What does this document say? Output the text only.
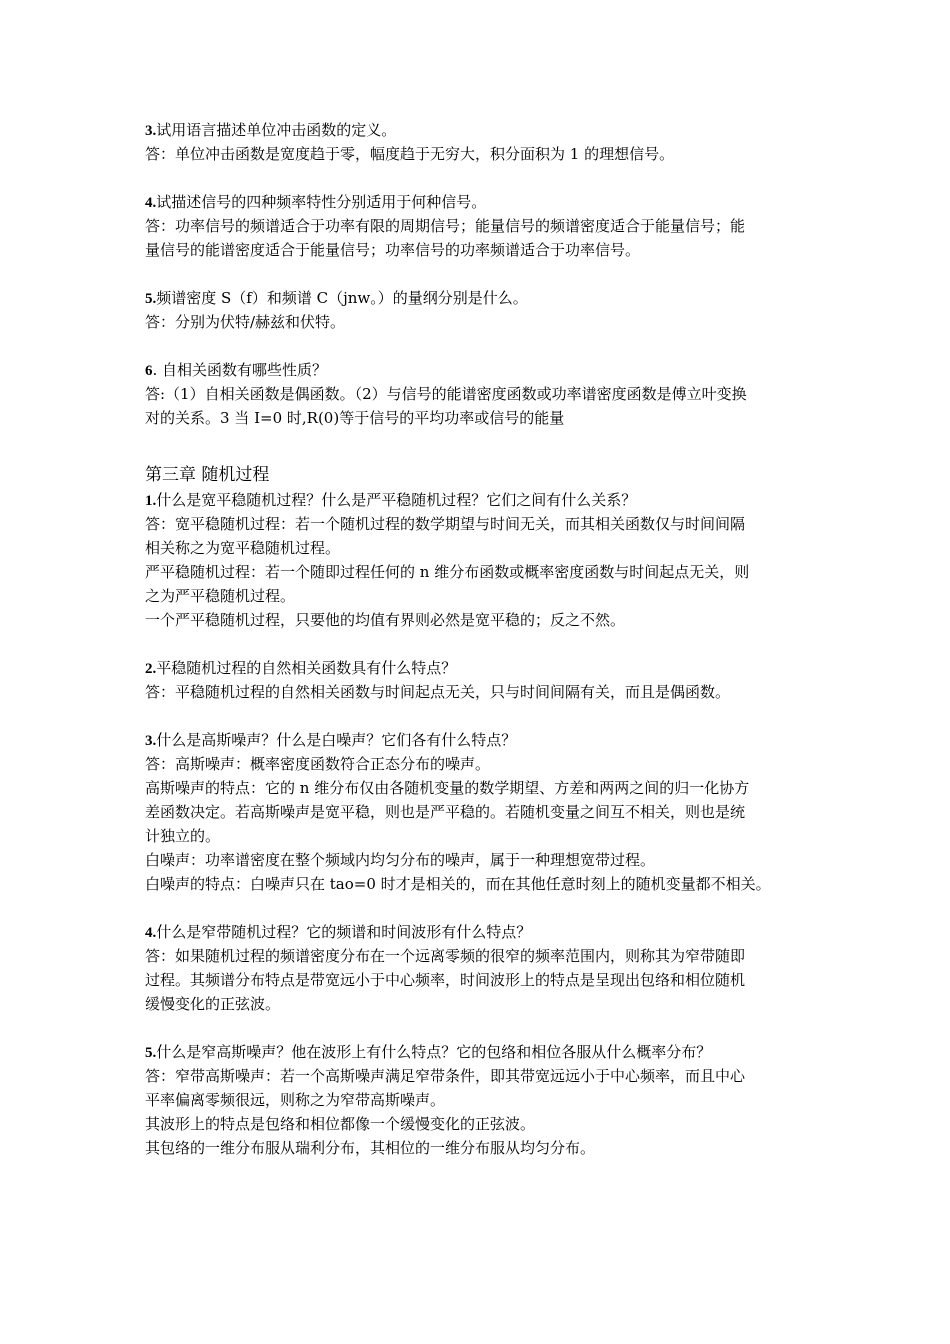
3.试用语言描述单位冲击函数的定义。
答：单位冲击函数是宽度趋于零，幅度趋于无穷大，积分面积为 1 的理想信号。
4.试描述信号的四种频率特性分别适用于何种信号。
答：功率信号的频谱适合于功率有限的周期信号；能量信号的频谱密度适合于能量信号；能
量信号的能谱密度适合于能量信号；功率信号的功率频谱适合于功率信号。
5.频谱密度 S（f）和频谱 C（jnw。）的量纲分别是什么。
答：分别为伏特/赫兹和伏特。
6. 自相关函数有哪些性质？
答:（1）自相关函数是偶函数。（2）与信号的能谱密度函数或功率谱密度函数是傅立叶变换
对的关系。3 当 I=0 时,R(0)等于信号的平均功率或信号的能量
第三章 随机过程
1.什么是宽平稳随机过程？什么是严平稳随机过程？它们之间有什么关系？
答：宽平稳随机过程：若一个随机过程的数学期望与时间无关，而其相关函数仅与时间间隔
相关称之为宽平稳随机过程。
严平稳随机过程：若一个随即过程任何的 n 维分布函数或概率密度函数与时间起点无关，则
之为严平稳随机过程。
一个严平稳随机过程，只要他的均值有界则必然是宽平稳的；反之不然。
2.平稳随机过程的自然相关函数具有什么特点？
答：平稳随机过程的自然相关函数与时间起点无关，只与时间间隔有关，而且是偶函数。
3.什么是高斯噪声？什么是白噪声？它们各有什么特点？
答：高斯噪声：概率密度函数符合正态分布的噪声。
高斯噪声的特点：它的 n 维分布仅由各随机变量的数学期望、方差和两两之间的归一化协方
差函数决定。若高斯噪声是宽平稳，则也是严平稳的。若随机变量之间互不相关，则也是统
计独立的。
白噪声：功率谱密度在整个频域内均匀分布的噪声，属于一种理想宽带过程。
白噪声的特点：白噪声只在 tao=0 时才是相关的，而在其他任意时刻上的随机变量都不相关。
4.什么是窄带随机过程？它的频谱和时间波形有什么特点？
答：如果随机过程的频谱密度分布在一个远离零频的很窄的频率范围内，则称其为窄带随即
过程。其频谱分布特点是带宽远小于中心频率，时间波形上的特点是呈现出包络和相位随机
缓慢变化的正弦波。
5.什么是窄高斯噪声？他在波形上有什么特点？它的包络和相位各服从什么概率分布？
答：窄带高斯噪声：若一个高斯噪声满足窄带条件，即其带宽远远小于中心频率，而且中心
平率偏离零频很远，则称之为窄带高斯噪声。
其波形上的特点是包络和相位都像一个缓慢变化的正弦波。
其包络的一维分布服从瑞利分布，其相位的一维分布服从均匀分布。
